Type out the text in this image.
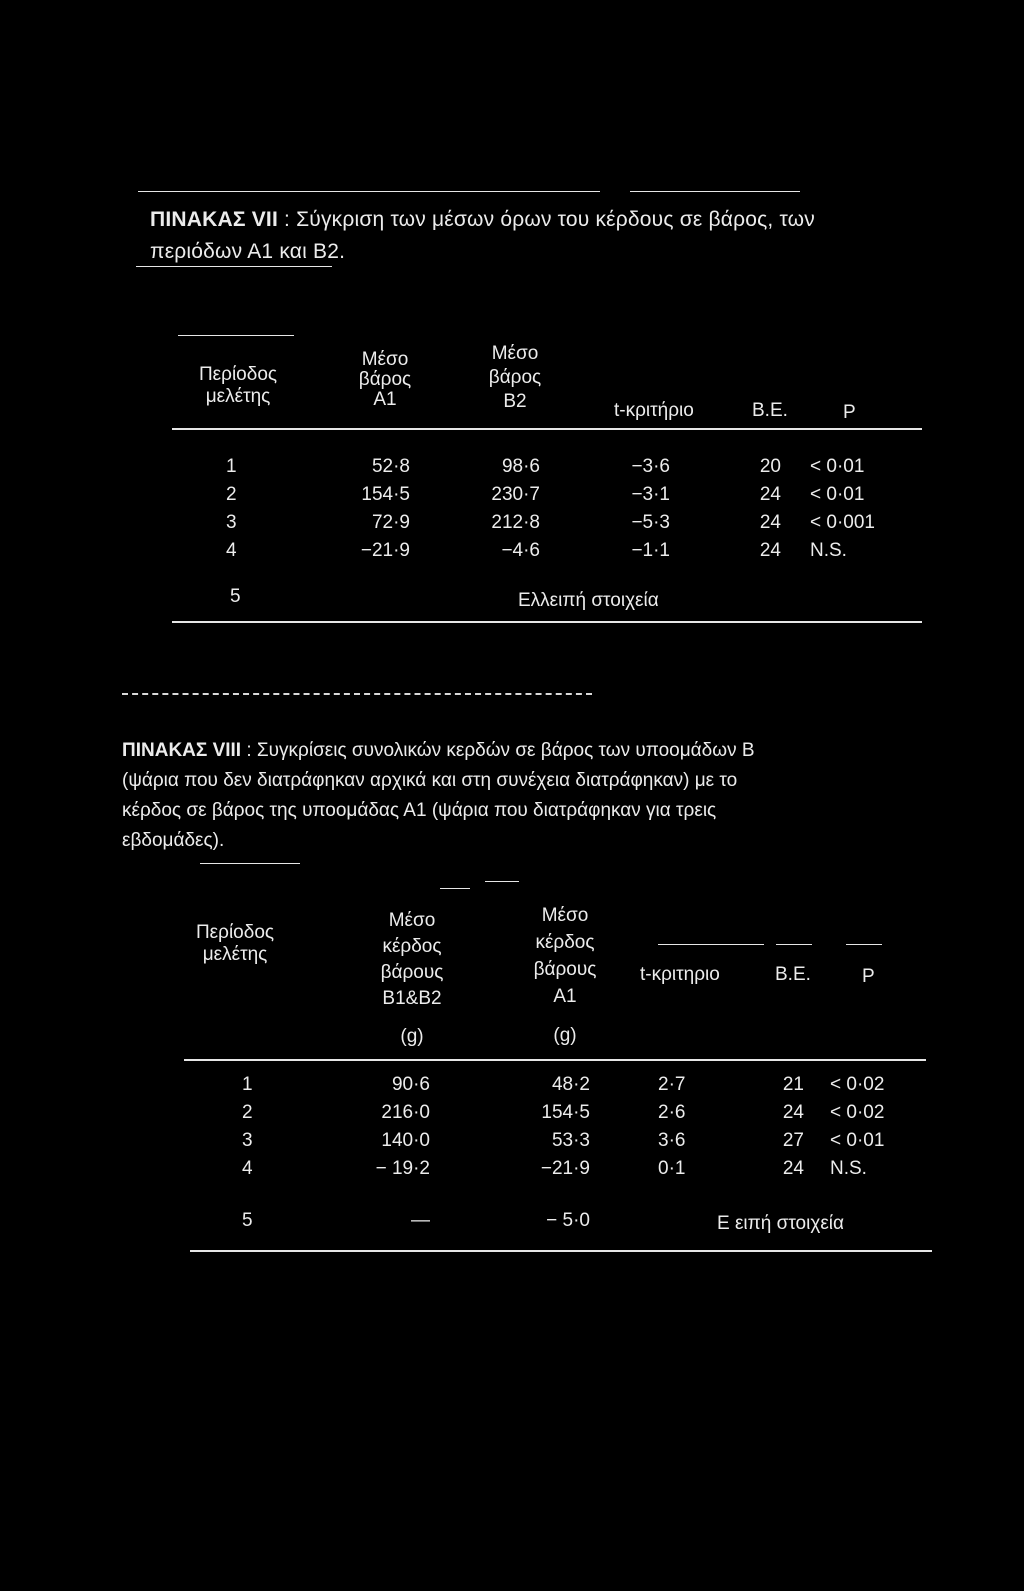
ΠΙΝΑΚΑΣ VII : Σύγκριση των μέσων όρων του κέρδους σε βάρος, των
περιόδων Α1 και Β2.
Περίοδος
μελέτης
Μέσο
βάρος
Α1
Μέσο
βάρος
Β2	t-κριτήριο	Β.Ε.	P
1	52·8	98·6	−3·6	20 < 0·01
2	154·5	230·7	−3·1	24 < 0·01
3	72·9	212·8	−5·3	24 < 0·001
4	−21·9	−4·6	−1·1	24 N.S.
5	Ελλειπή στοιχεία
ΠΙΝΑΚΑΣ VIII : Συγκρίσεις συνολικών κερδών σε βάρος των υποομάδων Β
(ψάρια που δεν διατράφηκαν αρχικά και στη συνέχεια διατράφηκαν) με το
κέρδος σε βάρος της υποομάδας Α1 (ψάρια που διατράφηκαν για τρεις
εβδομάδες).
Περίοδος
μελέτης
Μέσο
κέρδος
βάρους
Β1&Β2
(g)
Μέσο
κέρδος
βάρους
Α1
(g)
t-κριτηριο	Β.Ε.	P
1	90·6	48·2	2·7	21 < 0·02
2	216·0	154·5	2·6	24 < 0·02
3	140·0	53·3	3·6	27 < 0·01
4	− 19·2	−21·9	0·1	24 N.S.
5	—	− 5·0	Ε ειπή στοιχεία
